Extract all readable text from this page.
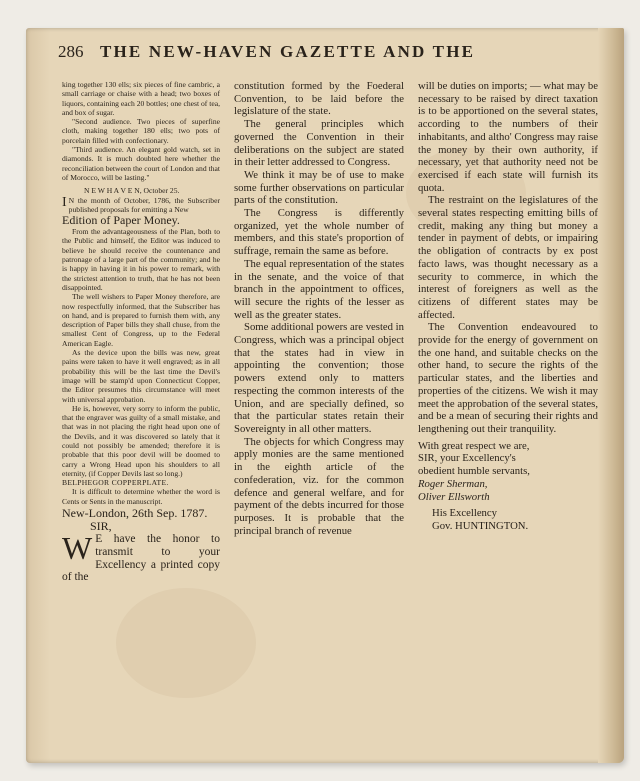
286 THE NEW-HAVEN GAZETTE AND THE

king together 130 ells; six pieces of fine cambric, a small carriage or chaise with a head; two boxes of liquors, containing each 20 bottles; one chest of tea, and box of sugar.

"Second audience. Two pieces of superfine cloth, making together 180 ells; two pots of porcelain filled with confectionary.

"Third audience. An elegant gold watch, set in diamonds. It is much doubted here whether the reconciliation between the court of London and that of Morocco, will be lasting."

N E W H A V E N, October 25.

I N the month of October, 1786, the Subscriber published proposals for emitting a New

Edition of Paper Money.

From the advantageousness of the Plan, both to the Public and himself, the Editor was induced to believe he should receive the countenance and patronage of a large part of the community; and he is happy in having it in his power to remark, with the strictest attention to truth, that he has not been disappointed.

The well wishers to Paper Money therefore, are now respectfully informed, that the Subscriber has on hand, and is prepared to furnish them with, any description of Paper bills they shall chuse, from the smallest Cent of Congress, up to the Federal American Eagle.

As the device upon the bills was new, great pains were taken to have it well engraved; as in all probability this will be the last time the Devil's image will be stamp'd upon Connecticut Copper, the Editor presumes this circumstance will meet with universal approbation.

He is, however, very sorry to inform the public, that the engraver was guilty of a small mistake, and that was in not placing the right head upon one of the Devils, and it was discovered so lately that it could not possibly be amended; therefore it is probable that this poor devil will be doomed to carry a Wrong Head upon his shoulders to all eternity, (if Copper Devils last so long.)

BELPHEGOR COPPERPLATE.

It is difficult to determine whether the word is Cents or Sents in the manuscript.

New-London, 26th Sep. 1787.

SIR,

W E have the honor to transmit to your Excellency a printed copy of the

constitution formed by the Foederal Convention, to be laid before the legislature of the state.

The general principles which governed the Convention in their deliberations on the subject are stated in their letter addressed to Congress.

We think it may be of use to make some further observations on particular parts of the constitution.

The Congress is differently organized, yet the whole number of members, and this state's proportion of suffrage, remain the same as before.

The equal representation of the states in the senate, and the voice of that branch in the appointment to offices, will secure the rights of the lesser as well as the greater states.

Some additional powers are vested in Congress, which was a principal object that the states had in view in appointing the convention; those powers extend only to matters respecting the common interests of the Union, and are specially defined, so that the particular states retain their Sovereignty in all other matters.

The objects for which Congress may apply monies are the same mentioned in the eighth article of the confederation, viz. for the common defence and general welfare, and for payment of the debts incurred for those purposes. It is probable that the principal branch of revenue

will be duties on imports; — what may be necessary to be raised by direct taxation is to be apportioned on the several states, according to the numbers of their inhabitants, and altho' Congress may raise the money by their own authority, if necessary, yet that authority need not be exercised if each state will furnish its quota.

The restraint on the legislatures of the several states respecting emitting bills of credit, making any thing but money a tender in payment of debts, or impairing the obligation of contracts by ex post facto laws, was thought necessary as a security to commerce, in which the interest of foreigners as well as the citizens of different states may be affected.

The Convention endeavoured to provide for the energy of government on the one hand, and suitable checks on the other hand, to secure the rights of the particular states, and the liberties and properties of the citizens. We wish it may meet the approbation of the several states, and be a mean of securing their rights and lengthening out their tranquility.

With great respect we are,

SIR, your Excellency's

obedient humble servants,

Roger Sherman,

Oliver Ellsworth

His Excellency

Gov. HUNTINGTON.
